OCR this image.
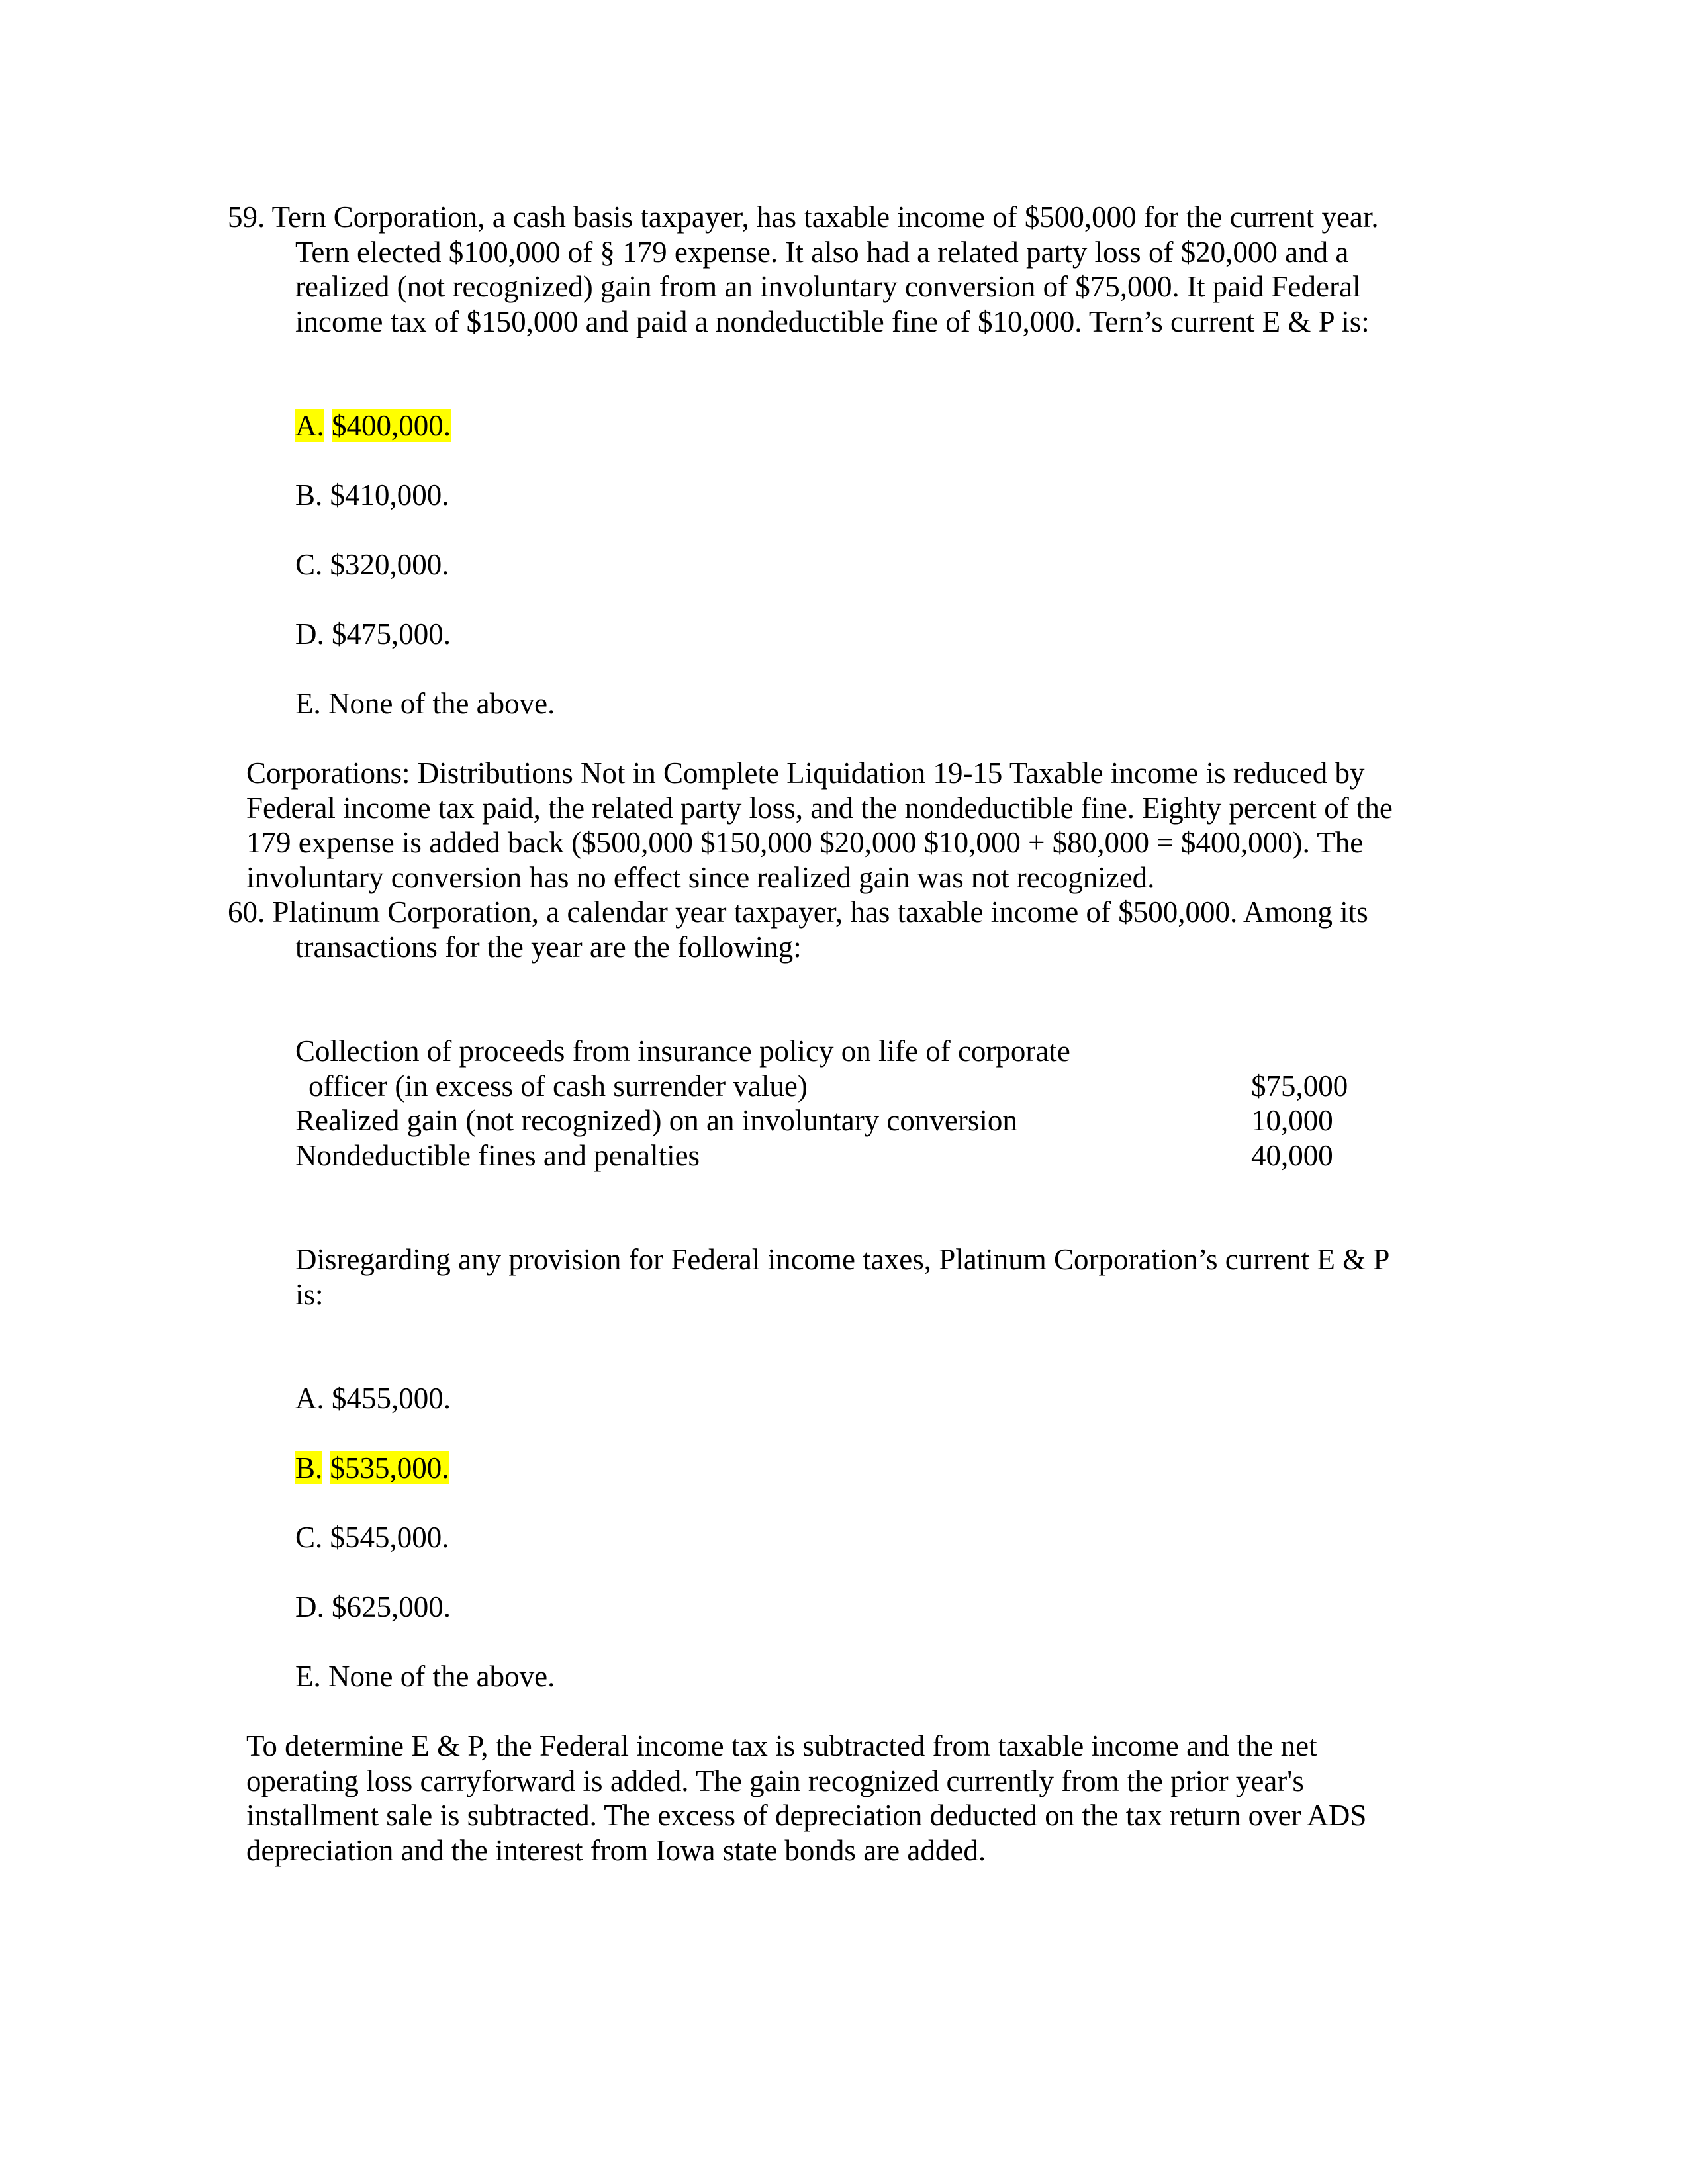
59. Tern Corporation, a cash basis taxpayer, has taxable income of $500,000 for the current year.
Tern elected $100,000 of § 179 expense. It also had a related party loss of $20,000 and a
realized (not recognized) gain from an involuntary conversion of $75,000. It paid Federal
income tax of $150,000 and paid a nondeductible fine of $10,000. Tern’s current E & P is:
A. $400,000.
B. $410,000.
C. $320,000.
D. $475,000.
E. None of the above.
Corporations: Distributions Not in Complete Liquidation 19-15 Taxable income is reduced by
Federal income tax paid, the related party loss, and the nondeductible fine. Eighty percent of the
179 expense is added back ($500,000 $150,000 $20,000 $10,000 + $80,000 = $400,000). The
involuntary conversion has no effect since realized gain was not recognized.
60. Platinum Corporation, a calendar year taxpayer, has taxable income of $500,000. Among its
transactions for the year are the following:
Collection of proceeds from insurance policy on life of corporate
officer (in excess of cash surrender value)	$75,000
Realized gain (not recognized) on an involuntary conversion	10,000
Nondeductible fines and penalties	40,000
Disregarding any provision for Federal income taxes, Platinum Corporation’s current E & P
is:
A. $455,000.
B. $535,000.
C. $545,000.
D. $625,000.
E. None of the above.
To determine E & P, the Federal income tax is subtracted from taxable income and the net
operating loss carryforward is added. The gain recognized currently from the prior year's
installment sale is subtracted. The excess of depreciation deducted on the tax return over ADS
depreciation and the interest from Iowa state bonds are added.
